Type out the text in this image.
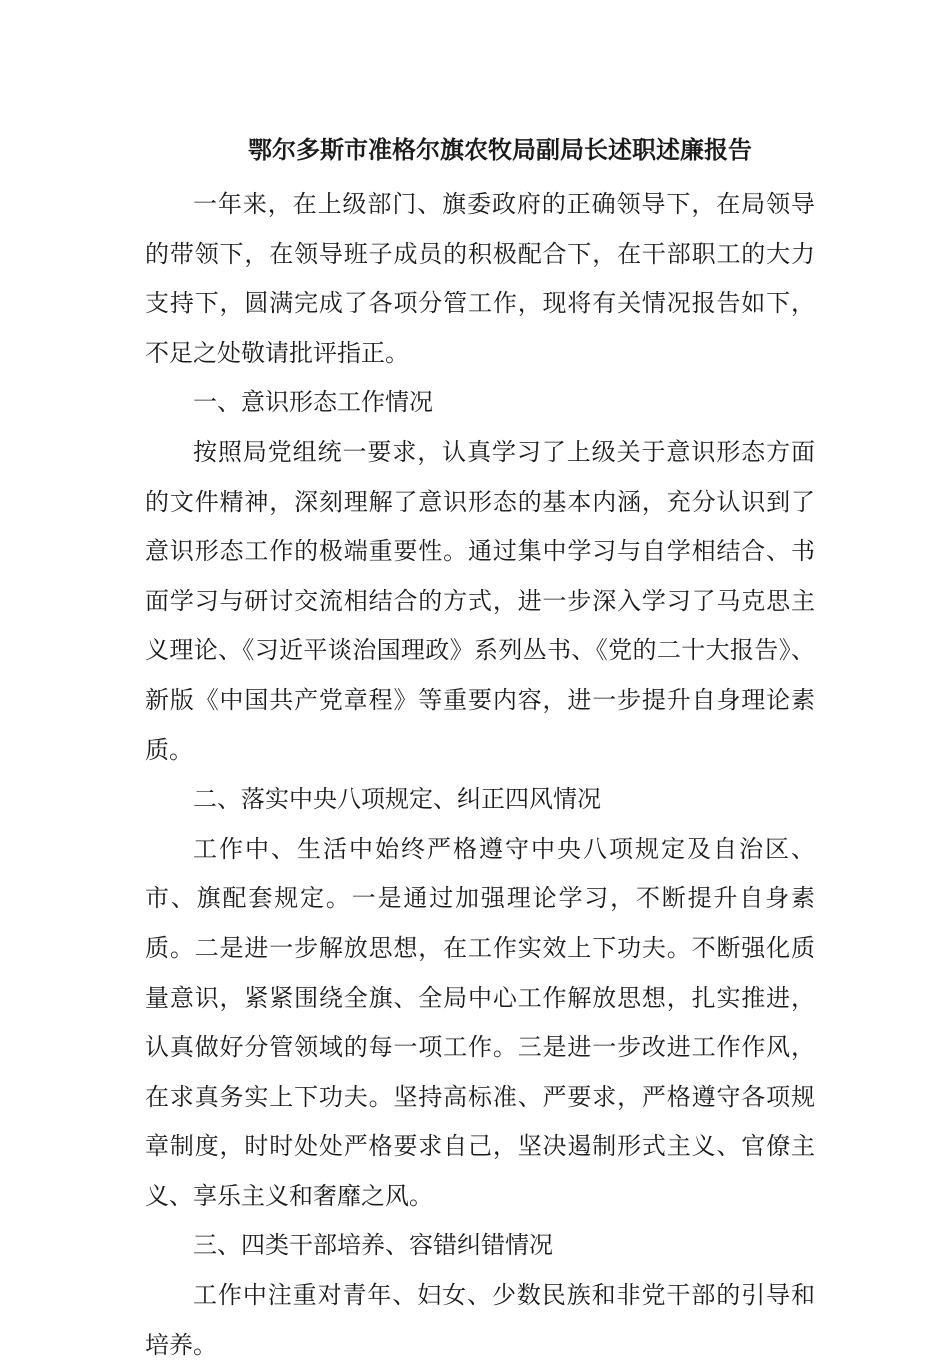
鄂尔多斯市准格尔旗农牧局副局长述职述廉报告

一年来，在上级部门、旗委政府的正确领导下，在局领导的带领下，在领导班子成员的积极配合下，在干部职工的大力支持下，圆满完成了各项分管工作，现将有关情况报告如下，不足之处敬请批评指正。

一、意识形态工作情况

按照局党组统一要求，认真学习了上级关于意识形态方面的文件精神，深刻理解了意识形态的基本内涵，充分认识到了意识形态工作的极端重要性。通过集中学习与自学相结合、书面学习与研讨交流相结合的方式，进一步深入学习了马克思主义理论、《习近平谈治国理政》系列丛书、《党的二十大报告》、新版《中国共产党章程》等重要内容，进一步提升自身理论素质。

二、落实中央八项规定、纠正四风情况

工作中、生活中始终严格遵守中央八项规定及自治区、市、旗配套规定。一是通过加强理论学习，不断提升自身素质。二是进一步解放思想，在工作实效上下功夫。不断强化质量意识，紧紧围绕全旗、全局中心工作解放思想，扎实推进，认真做好分管领域的每一项工作。三是进一步改进工作作风，在求真务实上下功夫。坚持高标准、严要求，严格遵守各项规章制度，时时处处严格要求自己，坚决遏制形式主义、官僚主义、享乐主义和奢靡之风。

三、四类干部培养、容错纠错情况

工作中注重对青年、妇女、少数民族和非党干部的引导和培养。
